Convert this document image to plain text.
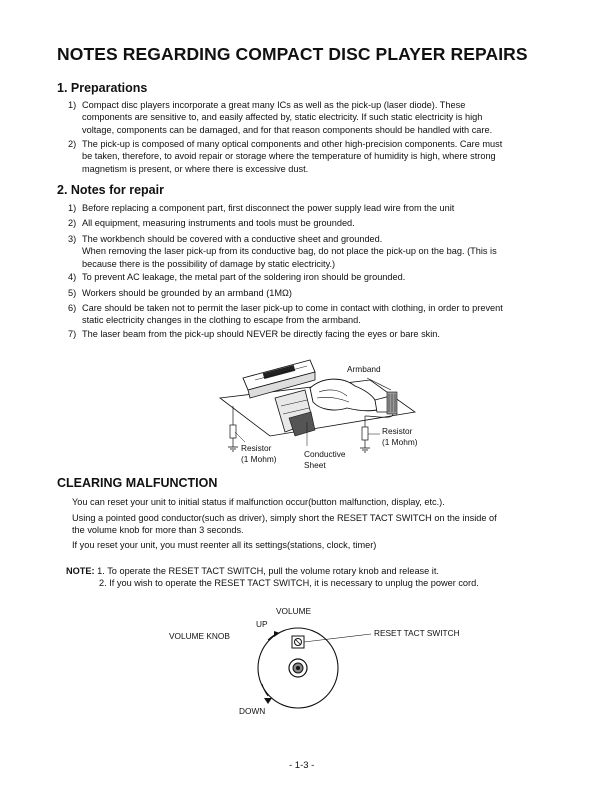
NOTES REGARDING COMPACT DISC PLAYER REPAIRS
1. Preparations
1) Compact disc players incorporate a great many ICs as well as the pick-up (laser diode). These
components are sensitive to, and easily affected by, static electricity. If such static electricity is high
voltage, components can be damaged, and for that reason components should be handled with care.
2) The pick-up is composed of many optical components and other high-precision components. Care must
be taken, therefore, to avoid repair or storage where the temperature of humidity is high, where strong
magnetism is present, or where there is excessive dust.
2. Notes for repair
1) Before replacing a component part, first disconnect the power supply lead wire from the unit
2) All equipment, measuring instruments and tools must be grounded.
3) The workbench should be covered with a conductive sheet and grounded.
When removing the laser pick-up from its conductive bag, do not place the pick-up on the bag. (This is
because there is the possibility of damage by static electricity.)
4) To prevent AC leakage, the metal part of the soldering iron should be grounded.
5) Workers should be grounded by an armband (1MΩ)
6) Care should be taken not to permit the laser pick-up to come in contact with clothing, in order to prevent
static electricity changes in the clothing to escape from the armband.
7) The laser beam from the pick-up should NEVER be directly facing the eyes or bare skin.
Armband
Resistor
(1 Mohm)	Conductive
Sheet
Resistor
(1 Mohm)
CLEARING MALFUNCTION
You can reset your unit to initial status if malfunction occur(button malfunction, display, etc.).
Using a pointed good conductor(such as driver), simply short the RESET TACT SWITCH on the inside of
the volume knob for more than 3 seconds.
If you reset your unit, you must reenter all its settings(stations, clock, timer)
NOTE: 1. To operate the RESET TACT SWITCH, pull the volume rotary knob and release it.
2. If you wish to operate the RESET TACT SWITCH, it is necessary to unplug the power cord.
VOLUME
UP
VOLUME KNOB	RESET TACT SWITCH
DOWN
- 1-3 -
